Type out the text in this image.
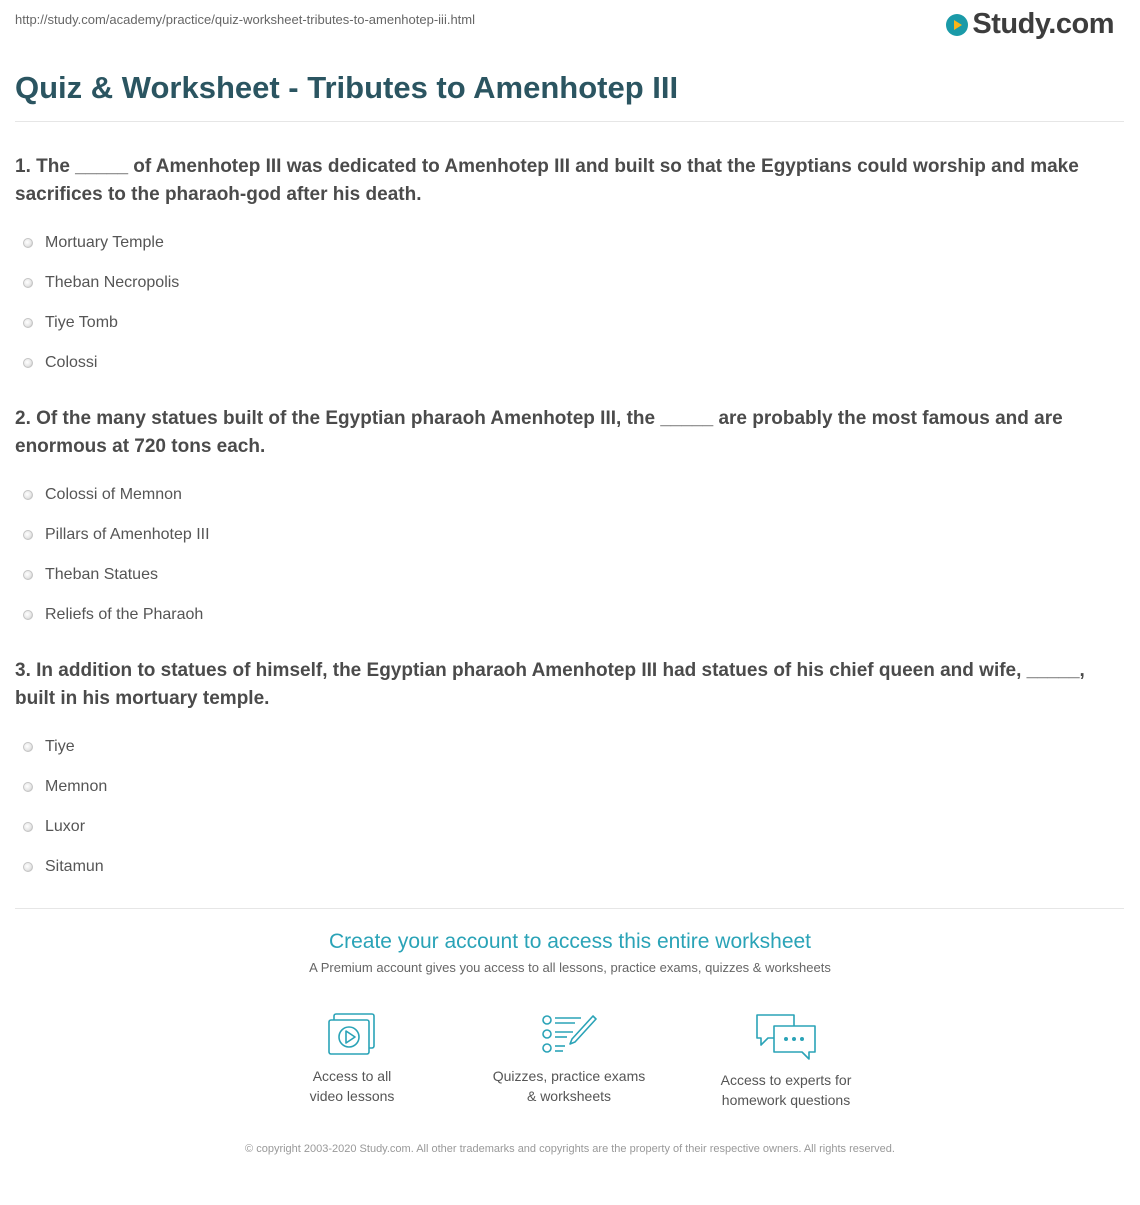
http://study.com/academy/practice/quiz-worksheet-tributes-to-amenhotep-iii.html	Study.com
Quiz & Worksheet - Tributes to Amenhotep III

1. The _____ of Amenhotep III was dedicated to Amenhotep III and built so that the Egyptians could worship and make sacrifices to the pharaoh-god after his death.

Mortuary Temple
Theban Necropolis
Tiye Tomb
Colossi

2. Of the many statues built of the Egyptian pharaoh Amenhotep III, the _____ are probably the most famous and are enormous at 720 tons each.

Colossi of Memnon
Pillars of Amenhotep III
Theban Statues
Reliefs of the Pharaoh

3. In addition to statues of himself, the Egyptian pharaoh Amenhotep III had statues of his chief queen and wife, _____, built in his mortuary temple.

Tiye
Memnon
Luxor
Sitamun

Create your account to access this entire worksheet

A Premium account gives you access to all lessons, practice exams, quizzes & worksheets

Access to all
video lessons
Quizzes, practice exams
& worksheets
Access to experts for
homework questions
© copyright 2003-2020 Study.com. All other trademarks and copyrights are the property of their respective owners. All rights reserved.
